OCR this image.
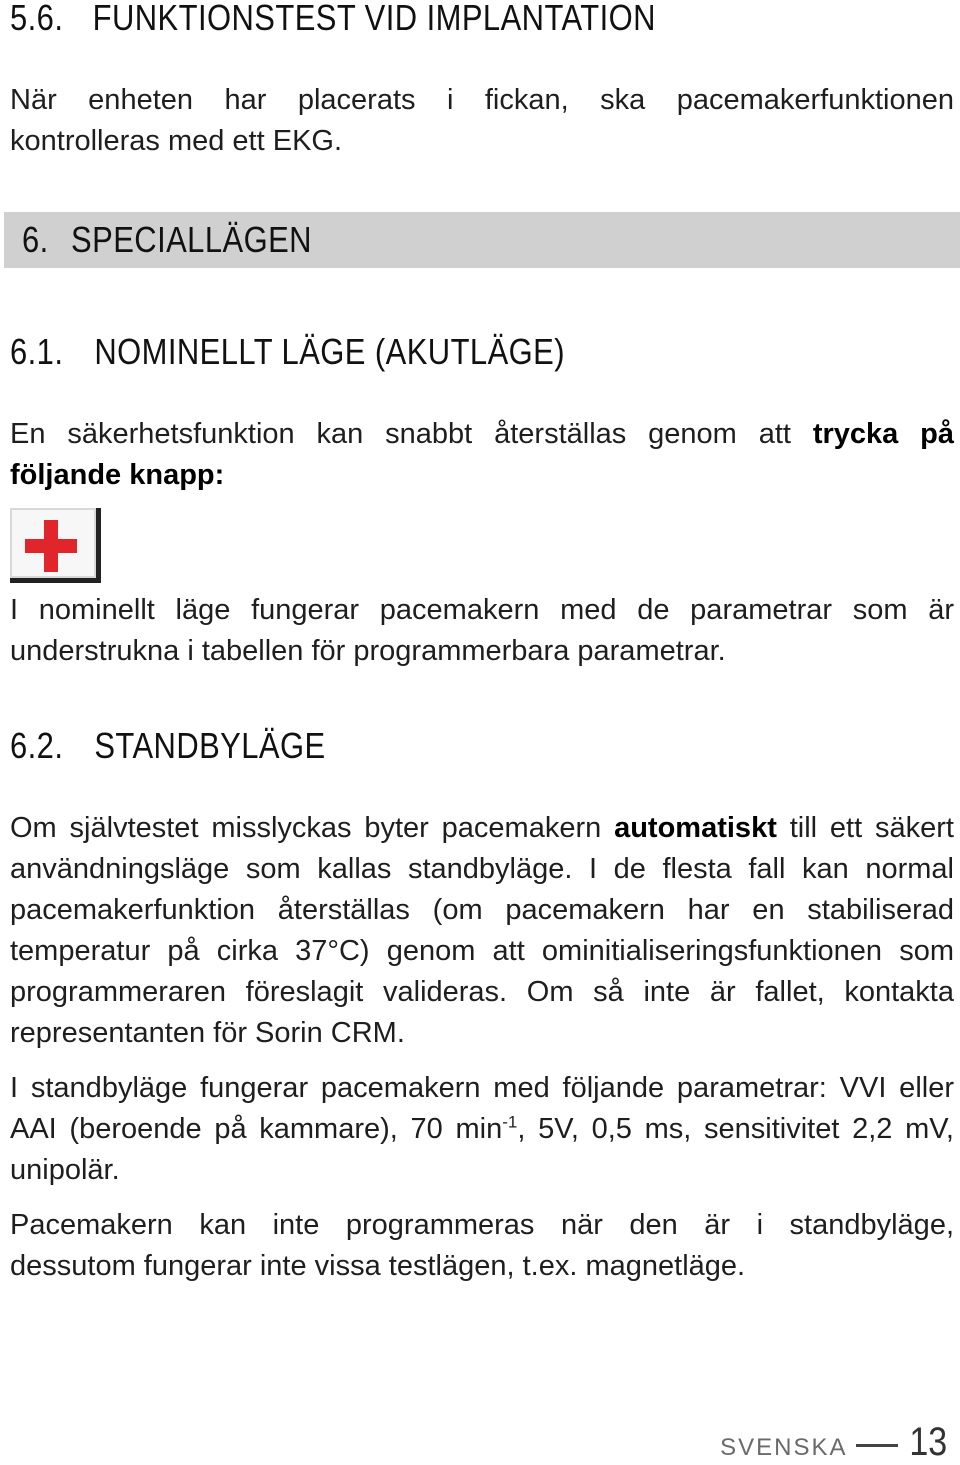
5.6. FUNKTIONSTEST VID IMPLANTATION
När enheten har placerats i fickan, ska pacemakerfunktionen
kontrolleras med ett EKG.
6. SPECIALLÄGEN
6.1. NOMINELLT LÄGE (AKUTLÄGE)
En säkerhetsfunktion kan snabbt återställas genom att trycka på
följande knapp:
I nominellt läge fungerar pacemakern med de parametrar som är
understrukna i tabellen för programmerbara parametrar.
6.2. STANDBYLÄGE
Om självtestet misslyckas byter pacemakern automatiskt till ett säkert
användningsläge som kallas standbyläge. I de flesta fall kan normal
pacemakerfunktion återställas (om pacemakern har en stabiliserad
temperatur på cirka 37°C) genom att ominitialiseringsfunktionen som
programmeraren föreslagit valideras. Om så inte är fallet, kontakta
representanten för Sorin CRM.
I standbyläge fungerar pacemakern med följande parametrar: VVI eller
AAI (beroende på kammare), 70 $\min^{-1}$, 5V, 0,5 ms, sensitivitet 2,2 mV,
unipolär.
Pacemakern kan inte programmeras när den är i standbyläge,
dessutom fungerar inte vissa testlägen, t.ex. magnetläge.
SVENSKA 13
